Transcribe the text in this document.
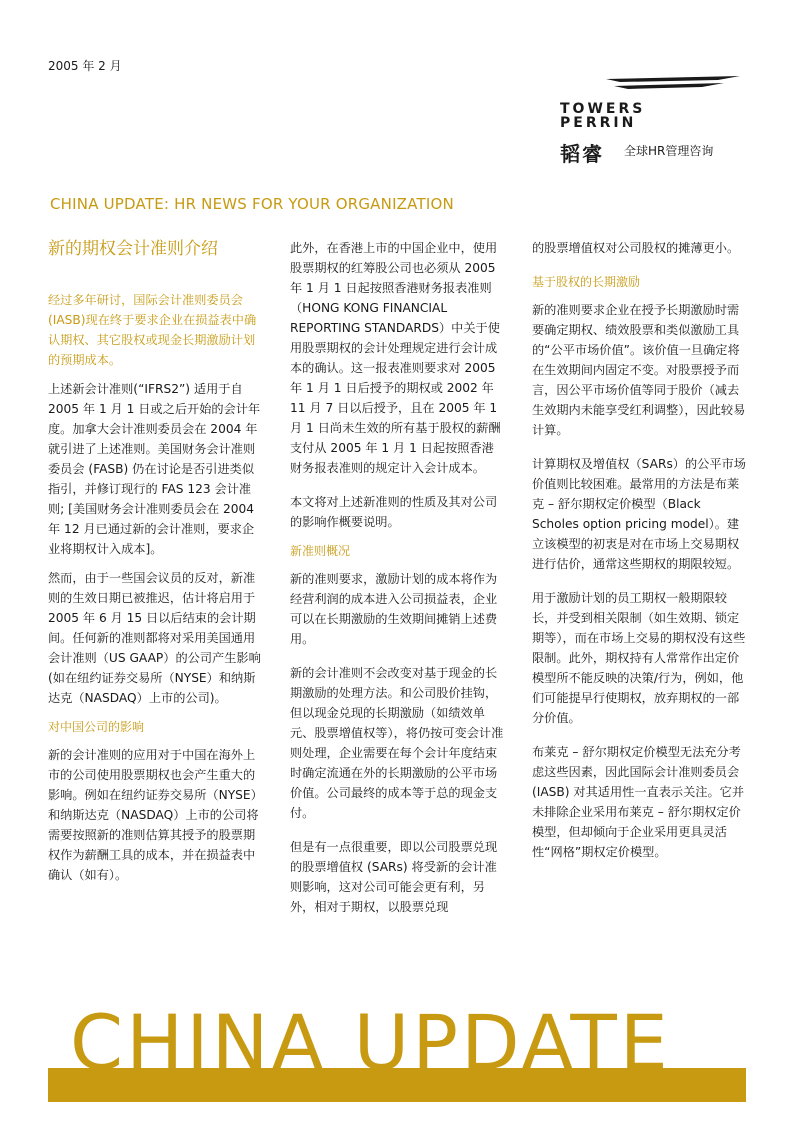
2005 年 2 月
TOWERS
PERRIN
韬睿 全球HR管理咨询
CHINA UPDATE: HR NEWS FOR YOUR ORGANIZATION
新的期权会计准则介绍

经过多年研讨，国际会计准则委员会(IASB)现在终于要求企业在损益表中确认期权、其它股权或现金长期激励计划的预期成本。

上述新会计准则(“IFRS2”) 适用于自 2005 年 1 月 1 日或之后开始的会计年度。加拿大会计准则委员会在 2004 年就引进了上述准则。美国财务会计准则委员会 (FASB) 仍在讨论是否引进类似指引，并修订现行的 FAS 123 会计准则; [美国财务会计准则委员会在 2004 年 12 月已通过新的会计准则，要求企业将期权计入成本]。

然而，由于一些国会议员的反对，新准则的生效日期已被推迟，估计将启用于 2005 年 6 月 15 日以后结束的会计期间。任何新的准则都将对采用美国通用会计准则（US GAAP）的公司产生影响 (如在纽约证券交易所（NYSE）和纳斯达克（NASDAQ）上市的公司)。

对中国公司的影响

新的会计准则的应用对于中国在海外上市的公司使用股票期权也会产生重大的影响。例如在纽约证券交易所（NYSE）和纳斯达克（NASDAQ）上市的公司将需要按照新的准则估算其授予的股票期权作为薪酬工具的成本，并在损益表中确认（如有）。

此外，在香港上市的中国企业中，使用股票期权的红筹股公司也必须从 2005 年 1 月 1 日起按照香港财务报表准则（HONG KONG FINANCIAL REPORTING STANDARDS）中关于使用股票期权的会计处理规定进行会计成本的确认。这一报表准则要求对 2005 年 1 月 1 日后授予的期权或 2002 年 11 月 7 日以后授予，且在 2005 年 1 月 1 日尚未生效的所有基于股权的薪酬支付从 2005 年 1 月 1 日起按照香港财务报表准则的规定计入会计成本。

本文将对上述新准则的性质及其对公司的影响作概要说明。

新准则概况

新的准则要求，激励计划的成本将作为经营利润的成本进入公司损益表，企业可以在长期激励的生效期间摊销上述费用。

新的会计准则不会改变对基于现金的长期激励的处理方法。和公司股价挂钩，但以现金兑现的长期激励（如绩效单元、股票增值权等），将仍按可变会计准则处理，企业需要在每个会计年度结束时确定流通在外的长期激励的公平市场价值。公司最终的成本等于总的现金支付。

但是有一点很重要，即以公司股票兑现的股票增值权 (SARs) 将受新的会计准则影响，这对公司可能会更有利，另外，相对于期权，以股票兑现

的股票增值权对公司股权的摊薄更小。

基于股权的长期激励

新的准则要求企业在授予长期激励时需要确定期权、绩效股票和类似激励工具的“公平市场价值”。该价值一旦确定将在生效期间内固定不变。对股票授予而言，因公平市场价值等同于股价（减去生效期内未能享受红利调整），因此较易计算。

计算期权及增值权（SARs）的公平市场价值则比较困难。最常用的方法是布莱克 – 舒尔期权定价模型（Black Scholes option pricing model）。建立该模型的初衷是对在市场上交易期权进行估价，通常这些期权的期限较短。

用于激励计划的员工期权一般期限较长，并受到相关限制（如生效期、锁定期等），而在市场上交易的期权没有这些限制。此外，期权持有人常常作出定价模型所不能反映的决策/行为，例如，他们可能提早行使期权，放弃期权的一部分价值。

布莱克 – 舒尔期权定价模型无法充分考虑这些因素，因此国际会计准则委员会 (IASB) 对其适用性一直表示关注。它并未排除企业采用布莱克 – 舒尔期权定价模型，但却倾向于企业采用更具灵活性“网格”期权定价模型。

CHINA UPDATE
